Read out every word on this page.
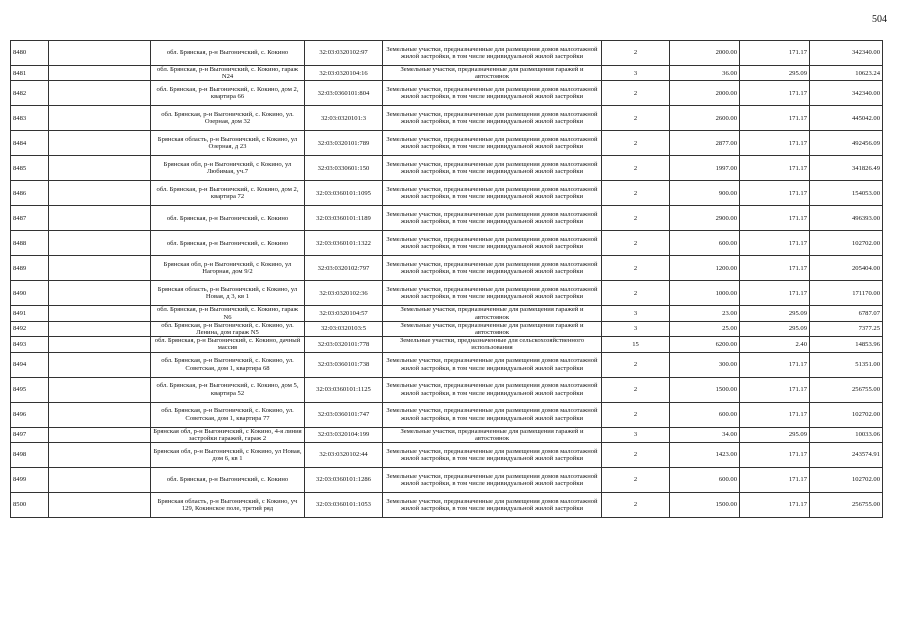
504
8480		обл. Брянская, р-н Выгоничский, с. Кокино	32:03:0320102:97	Земельные участки, предназначенные для размещения домов малоэтажной жилой застройки, в том числе индивидуальной жилой застройки	2	2000.00	171.17	342340.00
8481		обл. Брянская, р-н Выгоничский, с. Кокино, гараж N24	32:03:0320104:16	Земельные участки, предназначенные для размещения гаражей и автостоянок	3	36.00	295.09	10623.24
8482		обл. Брянская, р-н Выгоничский, с. Кокино, дом 2, квартира 66	32:03:0360101:804	Земельные участки, предназначенные для размещения домов малоэтажной жилой застройки, в том числе индивидуальной жилой застройки	2	2000.00	171.17	342340.00
8483		обл. Брянская, р-н Выгоничский, с. Кокино, ул. Озерная, дом 32	32:03:0320101:3	Земельные участки, предназначенные для размещения домов малоэтажной жилой застройки, в том числе индивидуальной жилой застройки	2	2600.00	171.17	445042.00
8484		Брянская область, р-н Выгоничский, с Кокино, ул Озерная, д 23	32:03:0320101:789	Земельные участки, предназначенные для размещения домов малоэтажной жилой застройки, в том числе индивидуальной жилой застройки	2	2877.00	171.17	492456.09
8485		Брянская обл, р-н Выгоничский, с Кокино, ул Любимая, уч.7	32:03:0330601:150	Земельные участки, предназначенные для размещения домов малоэтажной жилой застройки, в том числе индивидуальной жилой застройки	2	1997.00	171.17	341826.49
8486		обл. Брянская, р-н Выгоничский, с. Кокино, дом 2, квартира 72	32:03:0360101:1095	Земельные участки, предназначенные для размещения домов малоэтажной жилой застройки, в том числе индивидуальной жилой застройки	2	900.00	171.17	154053.00
8487		обл. Брянская, р-н Выгоничский, с. Кокино	32:03:0360101:1189	Земельные участки, предназначенные для размещения домов малоэтажной жилой застройки, в том числе индивидуальной жилой застройки	2	2900.00	171.17	496393.00
8488		обл. Брянская, р-н Выгоничский, с. Кокино	32:03:0360101:1322	Земельные участки, предназначенные для размещения домов малоэтажной жилой застройки, в том числе индивидуальной жилой застройки	2	600.00	171.17	102702.00
8489		Брянская обл, р-н Выгоничский, с Кокино, ул Нагорная, дом 9/2	32:03:0320102:797	Земельные участки, предназначенные для размещения домов малоэтажной жилой застройки, в том числе индивидуальной жилой застройки	2	1200.00	171.17	205404.00
8490		Брянская область, р-н Выгоничский, с Кокино, ул Новая, д 3, кв 1	32:03:0320102:36	Земельные участки, предназначенные для размещения домов малоэтажной жилой застройки, в том числе индивидуальной жилой застройки	2	1000.00	171.17	171170.00
8491		обл. Брянская, р-н Выгоничский, с. Кокино, гараж N6	32:03:0320104:57	Земельные участки, предназначенные для размещения гаражей и автостоянок	3	23.00	295.09	6787.07
8492		обл. Брянская, р-н Выгоничский, с. Кокино, ул. Ленина, дом гараж N5	32:03:0320103:5	Земельные участки, предназначенные для размещения гаражей и автостоянок	3	25.00	295.09	7377.25
8493		обл. Брянская, р-н Выгоничский, с. Кокино, дачный массив	32:03:0320101:778	Земельные участки, предназначенные для сельскохозяйственного использования	15	6200.00	2.40	14853.96
8494		обл. Брянская, р-н Выгоничский, с. Кокино, ул. Советская, дом 1, квартира 68	32:03:0360101:738	Земельные участки, предназначенные для размещения домов малоэтажной жилой застройки, в том числе индивидуальной жилой застройки	2	300.00	171.17	51351.00
8495		обл. Брянская, р-н Выгоничский, с. Кокино, дом 5, квартира 52	32:03:0360101:1125	Земельные участки, предназначенные для размещения домов малоэтажной жилой застройки, в том числе индивидуальной жилой застройки	2	1500.00	171.17	256755.00
8496		обл. Брянская, р-н Выгоничский, с. Кокино, ул. Советская, дом 1, квартира 77	32:03:0360101:747	Земельные участки, предназначенные для размещения домов малоэтажной жилой застройки, в том числе индивидуальной жилой застройки	2	600.00	171.17	102702.00
8497		Брянская обл, р-н Выгоничский, с Кокино, 4-я линия застройки гаражей, гараж 2	32:03:0320104:199	Земельные участки, предназначенные для размещения гаражей и автостоянок	3	34.00	295.09	10033.06
8498		Брянская обл, р-н Выгоничский, с Кокино, ул Новая, дом 6, кв 1	32:03:0320102:44	Земельные участки, предназначенные для размещения домов малоэтажной жилой застройки, в том числе индивидуальной жилой застройки	2	1423.00	171.17	243574.91
8499		обл. Брянская, р-н Выгоничский, с. Кокино	32:03:0360101:1286	Земельные участки, предназначенные для размещения домов малоэтажной жилой застройки, в том числе индивидуальной жилой застройки	2	600.00	171.17	102702.00
8500		Брянская область, р-н Выгоничский, с Кокино, уч 129, Кокинское поле, третий ряд	32:03:0360101:1053	Земельные участки, предназначенные для размещения домов малоэтажной жилой застройки, в том числе индивидуальной жилой застройки	2	1500.00	171.17	256755.00
